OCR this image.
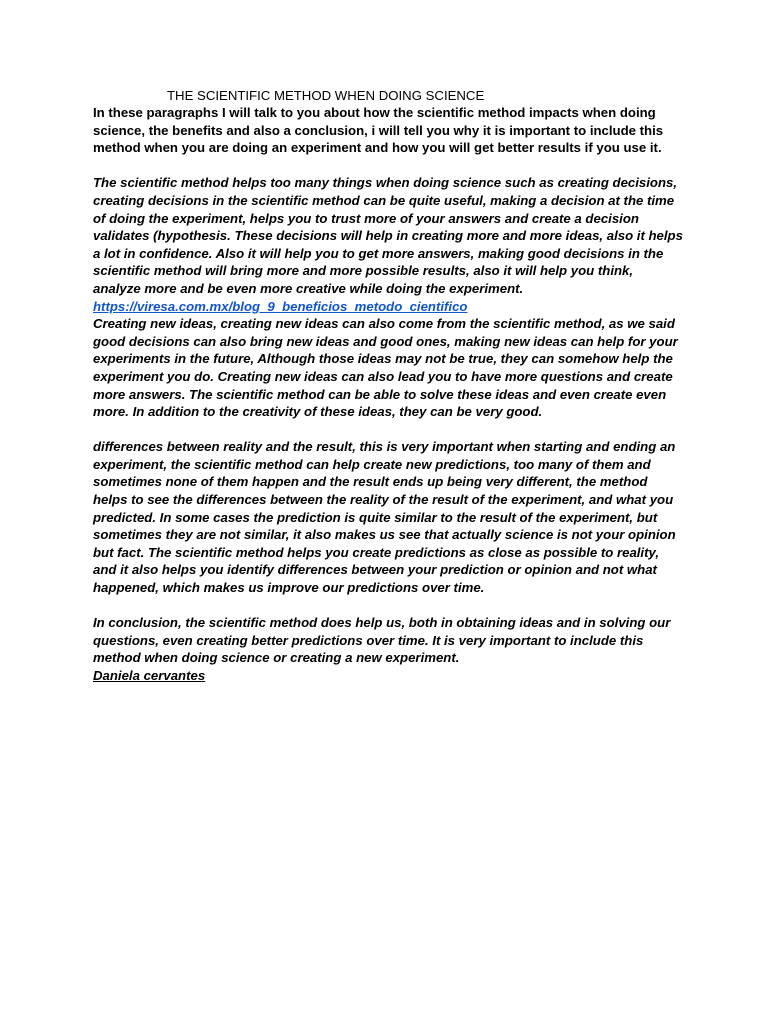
THE SCIENTIFIC METHOD WHEN DOING SCIENCE

In these paragraphs I will talk to you about how the scientific method impacts when doing science, the benefits and also a conclusion, i will tell you why it is important to include this method when you are doing an experiment and how you will get better results if you use it.

The scientific method helps too many things when doing science such as creating decisions, creating decisions in the scientific method can be quite useful, making a decision at the time of doing the experiment, helps you to trust more of your answers and create a decision validates (hypothesis. These decisions will help in creating more and more ideas, also it helps a lot in confidence. Also it will help you to get more answers, making good decisions in the scientific method will bring more and more possible results, also it will help you think, analyze more and be even more creative while doing the experiment.

https://viresa.com.mx/blog_9_beneficios_metodo_cientifico

Creating new ideas, creating new ideas can also come from the scientific method, as we said good decisions can also bring new ideas and good ones, making new ideas can help for your experiments in the future, Although those ideas may not be true, they can somehow help the experiment you do. Creating new ideas can also lead you to have more questions and create more answers. The scientific method can be able to solve these ideas and even create even more. In addition to the creativity of these ideas, they can be very good.

differences between reality and the result, this is very important when starting and ending an experiment, the scientific method can help create new predictions, too many of them and sometimes none of them happen and the result ends up being very different, the method helps to see the differences between the reality of the result of the experiment, and what you predicted. In some cases the prediction is quite similar to the result of the experiment, but sometimes they are not similar, it also makes us see that actually science is not your opinion but fact. The scientific method helps you create predictions as close as possible to reality, and it also helps you identify differences between your prediction or opinion and not what happened, which makes us improve our predictions over time.

In conclusion, the scientific method does help us, both in obtaining ideas and in solving our questions, even creating better predictions over time. It is very important to include this method when doing science or creating a new experiment.

Daniela cervantes
